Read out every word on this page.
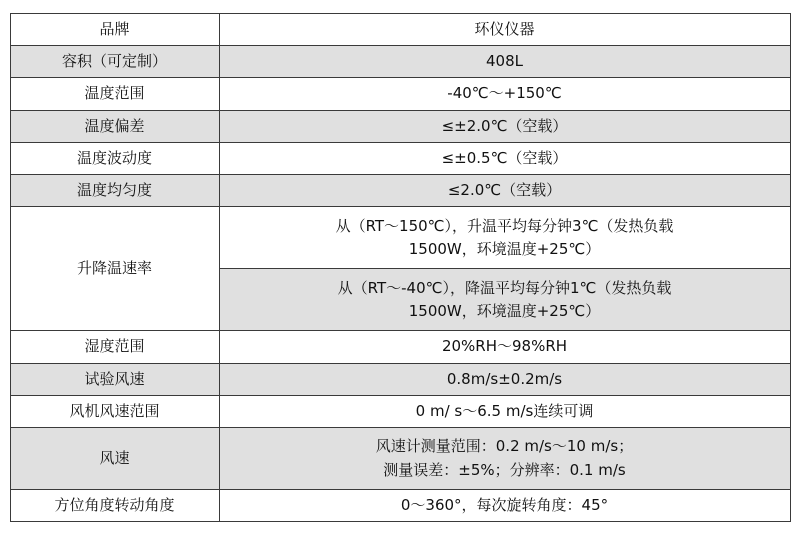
品牌	环仪仪器
容积（可定制）	408L
温度范围	-40℃～+150℃
温度偏差	≤±2.0℃（空载）
温度波动度	≤±0.5℃（空载）
温度均匀度	≤2.0℃（空载）
升降温速率	从（RT～150℃），升温平均每分钟3℃（发热负载
1500W，环境温度+25℃）

	从（RT～-40℃），降温平均每分钟1℃（发热负载
1500W，环境温度+25℃）

湿度范围	20%RH～98%RH
试验风速	0.8m/s±0.2m/s
风机风速范围	0 m/ s～6.5 m/s连续可调
风速	风速计测量范围：0.2 m/s～10 m/s；
测量误差：±5%；分辨率：0.1 m/s

方位角度转动角度	0～360°，每次旋转角度：45°
